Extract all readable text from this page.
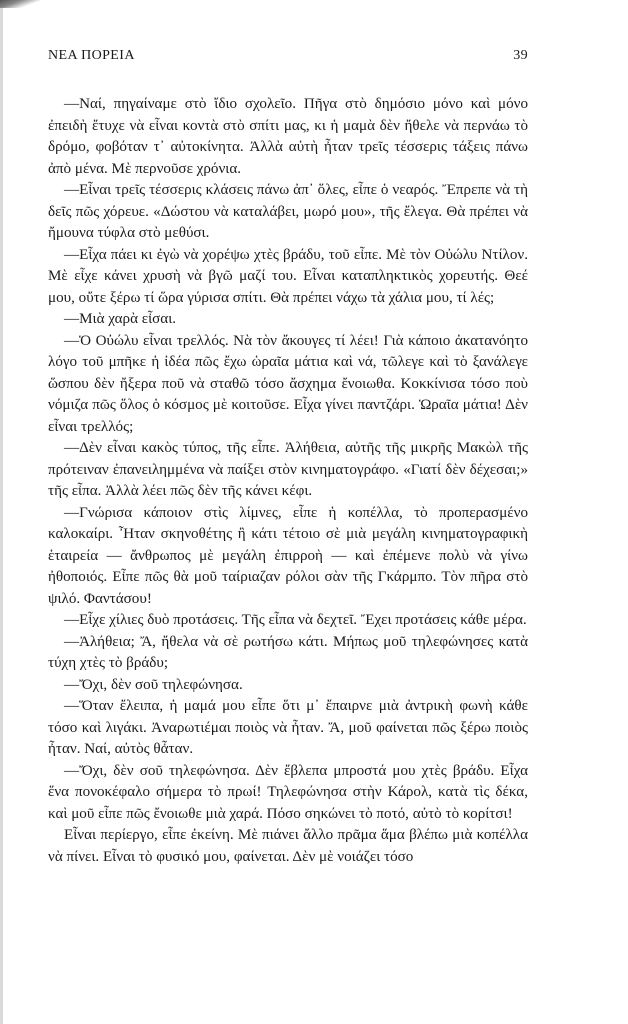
ΝΕΑ ΠΟΡΕΙΑ	39

—Ναί, πηγαίναμε στὸ ἴδιο σχολεῖο. Πῆγα στὸ δημόσιο μόνο καὶ μόνο ἐπειδὴ ἔτυχε νὰ εἶναι κοντὰ στὸ σπίτι μας, κι ἡ μαμὰ δὲν ἤθελε νὰ περνάω τὸ δρόμο, φοβόταν τ᾽ αὐτοκίνητα. Ἀλλὰ αὐτὴ ἦταν τρεῖς τέσσερις τάξεις πάνω ἀπὸ μένα. Μὲ περνοῦσε χρόνια.

—Εἶναι τρεῖς τέσσερις κλάσεις πάνω ἀπ᾽ ὅλες, εἶπε ὁ νεαρός. Ἔπρεπε νὰ τὴ δεῖς πῶς χόρευε. «Δώστου νὰ καταλάβει, μωρό μου», τῆς ἔλεγα. Θὰ πρέπει νὰ ἤμουνα τύφλα στὸ μεθύσι.

—Εἶχα πάει κι ἐγὼ νὰ χορέψω χτὲς βράδυ, τοῦ εἶπε. Μὲ τὸν Οὐώλυ Ντίλον. Μὲ εἶχε κάνει χρυσὴ νὰ βγῶ μαζί του. Εἶναι καταπληκτικὸς χορευτής. Θεέ μου, οὔτε ξέρω τί ὥρα γύρισα σπίτι. Θὰ πρέπει νάχω τὰ χάλια μου, τί λές;

—Μιὰ χαρὰ εἶσαι.

—Ὁ Οὐώλυ εἶναι τρελλός. Νὰ τὸν ἄκουγες τί λέει! Γιὰ κάποιο ἀκατανόητο λόγο τοῦ μπῆκε ἡ ἰδέα πῶς ἔχω ὡραῖα μάτια καὶ νά, τῶλεγε καὶ τὸ ξανάλεγε ὥσπου δὲν ἤξερα ποῦ νὰ σταθῶ τόσο ἄσχημα ἔνοιωθα. Κοκκίνισα τόσο ποὺ νόμιζα πῶς ὅλος ὁ κόσμος μὲ κοιτοῦσε. Εἶχα γίνει παντζάρι. Ὡραῖα μάτια! Δὲν εἶναι τρελλός;

—Δὲν εἶναι κακὸς τύπος, τῆς εἶπε. Ἀλήθεια, αὐτῆς τῆς μικρῆς Μακὼλ τῆς πρότειναν ἐπανειλημμένα νὰ παίξει στὸν κινηματογράφο. «Γιατί δὲν δέχεσαι;» τῆς εἶπα. Ἀλλὰ λέει πῶς δὲν τῆς κάνει κέφι.

—Γνώρισα κάποιον στὶς λίμνες, εἶπε ἡ κοπέλλα, τὸ προπερασμένο καλοκαίρι. Ἦταν σκηνοθέτης ἢ κάτι τέτοιο σὲ μιὰ μεγάλη κινηματογραφικὴ ἑταιρεία — ἄνθρωπος μὲ μεγάλη ἐπιρροὴ — καὶ ἐπέμενε πολὺ νὰ γίνω ἠθοποιός. Εἶπε πῶς θὰ μοῦ ταίριαζαν ρόλοι σὰν τῆς Γκάρμπο. Τὸν πῆρα στὸ ψιλό. Φαντάσου!

—Εἶχε χίλιες δυὸ προτάσεις. Τῆς εἶπα νὰ δεχτεῖ. Ἔχει προτάσεις κάθε μέρα.

—Ἀλήθεια; Ἄ, ἤθελα νὰ σὲ ρωτήσω κάτι. Μήπως μοῦ τηλεφώνησες κατὰ τύχη χτὲς τὸ βράδυ;

—Ὄχι, δὲν σοῦ τηλεφώνησα.

—Ὅταν ἔλειπα, ἡ μαμά μου εἶπε ὅτι μ᾽ ἔπαιρνε μιὰ ἀντρικὴ φωνὴ κάθε τόσο καὶ λιγάκι. Ἀναρωτιέμαι ποιὸς νὰ ἦταν. Ἄ, μοῦ φαίνεται πῶς ξέρω ποιὸς ἦταν. Ναί, αὐτὸς θἆταν.

—Ὄχι, δὲν σοῦ τηλεφώνησα. Δὲν ἔβλεπα μπροστά μου χτὲς βράδυ. Εἶχα ἕνα πονοκέφαλο σήμερα τὸ πρωί! Τηλεφώνησα στὴν Κάρολ, κατὰ τὶς δέκα, καὶ μοῦ εἶπε πῶς ἔνοιωθε μιὰ χαρά. Πόσο σηκώνει τὸ ποτό, αὐτὸ τὸ κορίτσι!

Εἶναι περίεργο, εἶπε ἐκείνη. Μὲ πιάνει ἄλλο πρᾶμα ἅμα βλέπω μιὰ κοπέλλα νὰ πίνει. Εἶναι τὸ φυσικό μου, φαίνεται. Δὲν μὲ νοιάζει τόσο
